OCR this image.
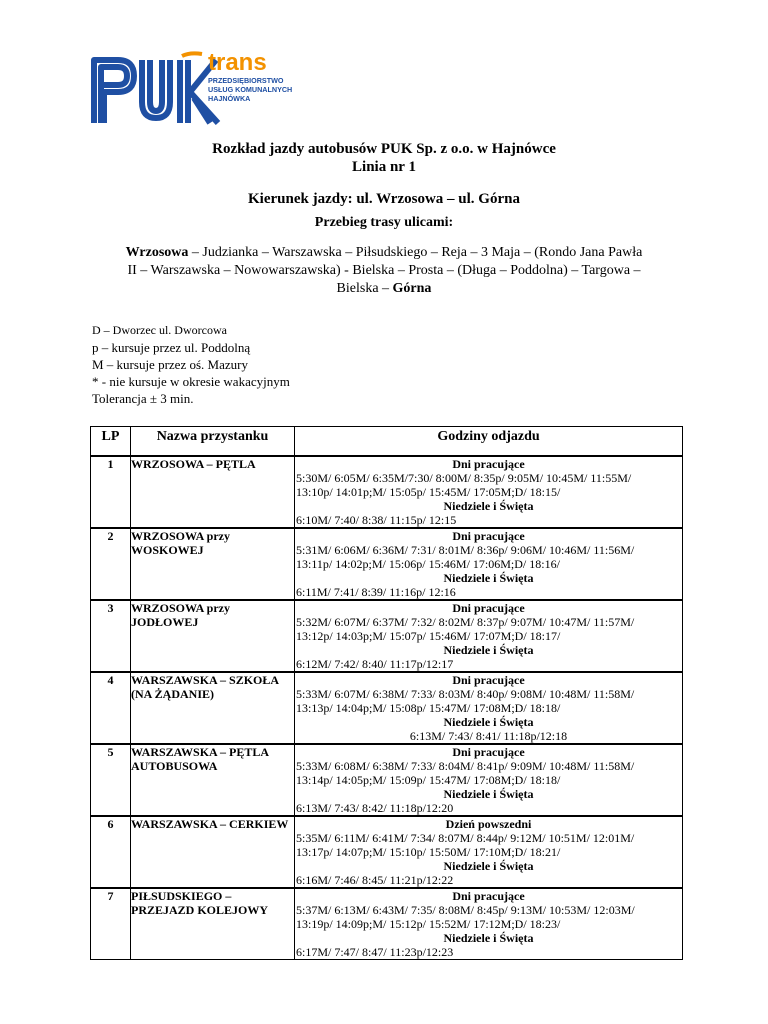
trans
PRZEDSIĘBIORSTWO
USŁUG KOMUNALNYCH
HAJNÓWKA
Rozkład jazdy autobusów PUK Sp. z o.o. w Hajnówce
Linia nr 1
Kierunek jazdy: ul. Wrzosowa – ul. Górna
Przebieg trasy ulicami:
Wrzosowa – Judzianka – Warszawska – Piłsudskiego – Reja – 3 Maja – (Rondo Jana Pawła
II – Warszawska – Nowowarszawska) - Bielska – Prosta – (Długa – Poddolna) – Targowa –
Bielska – Górna
D – Dworzec ul. Dworcowa
p – kursuje przez ul. Poddolną
M – kursuje przez oś. Mazury
* - nie kursuje w okresie wakacyjnym
Tolerancja ± 3 min.
LP	Nazwa przystanku	Godziny odjazdu
1	WRZOSOWA – PĘTLA	Dni pracujące
5:30M/ 6:05M/ 6:35M/7:30/ 8:00M/ 8:35p/ 9:05M/ 10:45M/ 11:55M/
13:10p/ 14:01p;M/ 15:05p/ 15:45M/ 17:05M;D/ 18:15/
Niedziele i Święta
6:10M/ 7:40/ 8:38/ 11:15p/ 12:15

2	WRZOSOWA przy WOSKOWEJ	Dni pracujące
5:31M/ 6:06M/ 6:36M/ 7:31/ 8:01M/ 8:36p/ 9:06M/ 10:46M/ 11:56M/
13:11p/ 14:02p;M/ 15:06p/ 15:46M/ 17:06M;D/ 18:16/
Niedziele i Święta
6:11M/ 7:41/ 8:39/ 11:16p/ 12:16

3	WRZOSOWA przy JODŁOWEJ	Dni pracujące
5:32M/ 6:07M/ 6:37M/ 7:32/ 8:02M/ 8:37p/ 9:07M/ 10:47M/ 11:57M/
13:12p/ 14:03p;M/ 15:07p/ 15:46M/ 17:07M;D/ 18:17/
Niedziele i Święta
6:12M/ 7:42/ 8:40/ 11:17p/12:17

4	WARSZAWSKA – SZKOŁA (NA ŻĄDANIE)	Dni pracujące
5:33M/ 6:07M/ 6:38M/ 7:33/ 8:03M/ 8:40p/ 9:08M/ 10:48M/ 11:58M/
13:13p/ 14:04p;M/ 15:08p/ 15:47M/ 17:08M;D/ 18:18/
Niedziele i Święta
6:13M/ 7:43/ 8:41/ 11:18p/12:18

5	WARSZAWSKA – PĘTLA AUTOBUSOWA	Dni pracujące
5:33M/ 6:08M/ 6:38M/ 7:33/ 8:04M/ 8:41p/ 9:09M/ 10:48M/ 11:58M/
13:14p/ 14:05p;M/ 15:09p/ 15:47M/ 17:08M;D/ 18:18/
Niedziele i Święta
6:13M/ 7:43/ 8:42/ 11:18p/12:20

6	WARSZAWSKA – CERKIEW	Dzień powszedni
5:35M/ 6:11M/ 6:41M/ 7:34/ 8:07M/ 8:44p/ 9:12M/ 10:51M/ 12:01M/
13:17p/ 14:07p;M/ 15:10p/ 15:50M/ 17:10M;D/ 18:21/
Niedziele i Święta
6:16M/ 7:46/ 8:45/ 11:21p/12:22

7	PIŁSUDSKIEGO – PRZEJAZD KOLEJOWY	Dni pracujące
5:37M/ 6:13M/ 6:43M/ 7:35/ 8:08M/ 8:45p/ 9:13M/ 10:53M/ 12:03M/
13:19p/ 14:09p;M/ 15:12p/ 15:52M/ 17:12M;D/ 18:23/
Niedziele i Święta
6:17M/ 7:47/ 8:47/ 11:23p/12:23
